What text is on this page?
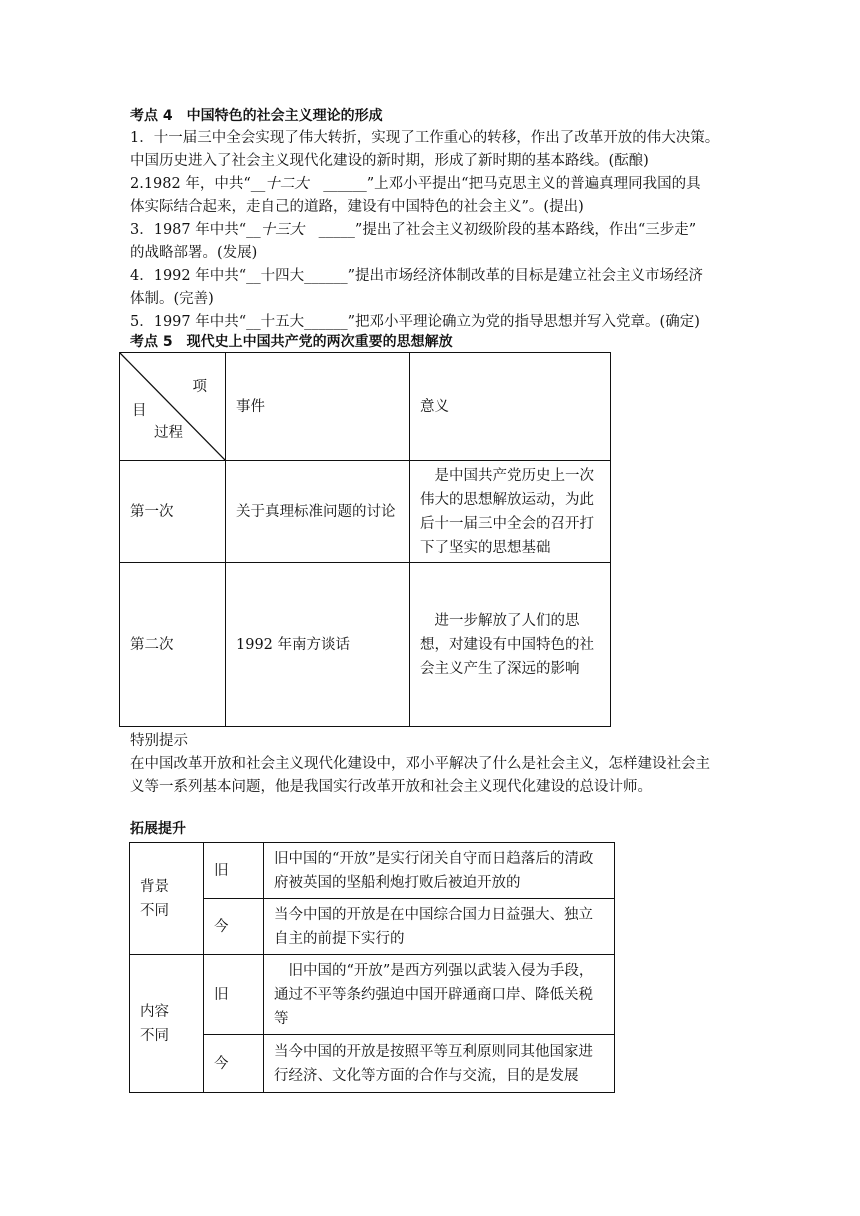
考点 4　中国特色的社会主义理论的形成
1．十一届三中全会实现了伟大转折，实现了工作重心的转移，作出了改革开放的伟大决策。
中国历史进入了社会主义现代化建设的新时期，形成了新时期的基本路线。(酝酿)
2.1982 年，中共“__十二大　______”上邓小平提出“把马克思主义的普遍真理同我国的具
体实际结合起来，走自己的道路，建设有中国特色的社会主义”。(提出)
3．1987 年中共“__十三大　_____”提出了社会主义初级阶段的基本路线，作出“三步走”
的战略部署。(发展)
4．1992 年中共“__十四大______”提出市场经济体制改革的目标是建立社会主义市场经济
体制。(完善)
5．1997 年中共“__十五大______”把邓小平理论确立为党的指导思想并写入党章。(确定)
考点 5　现代史上中国共产党的两次重要的思想解放
项
目
过程	事件	意义
第一次	关于真理标准问题的讨论	是中国共产党历史上一次伟大的思想解放运动，为此后十一届三中全会的召开打下了坚实的思想基础
第二次	1992 年南方谈话	进一步解放了人们的思想，对建设有中国特色的社会主义产生了深远的影响
特别提示
在中国改革开放和社会主义现代化建设中，邓小平解决了什么是社会主义，怎样建设社会主
义等一系列基本问题，他是我国实行改革开放和社会主义现代化建设的总设计师。
拓展提升
背景
不同	旧	旧中国的“开放”是实行闭关自守而日趋落后的清政府被英国的坚船利炮打败后被迫开放的
	今	当今中国的开放是在中国综合国力日益强大、独立自主的前提下实行的

内容
不同	旧	旧中国的“开放”是西方列强以武装入侵为手段，通过不平等条约强迫中国开辟通商口岸、降低关税等
	今	当今中国的开放是按照平等互利原则同其他国家进行经济、文化等方面的合作与交流，目的是发展
